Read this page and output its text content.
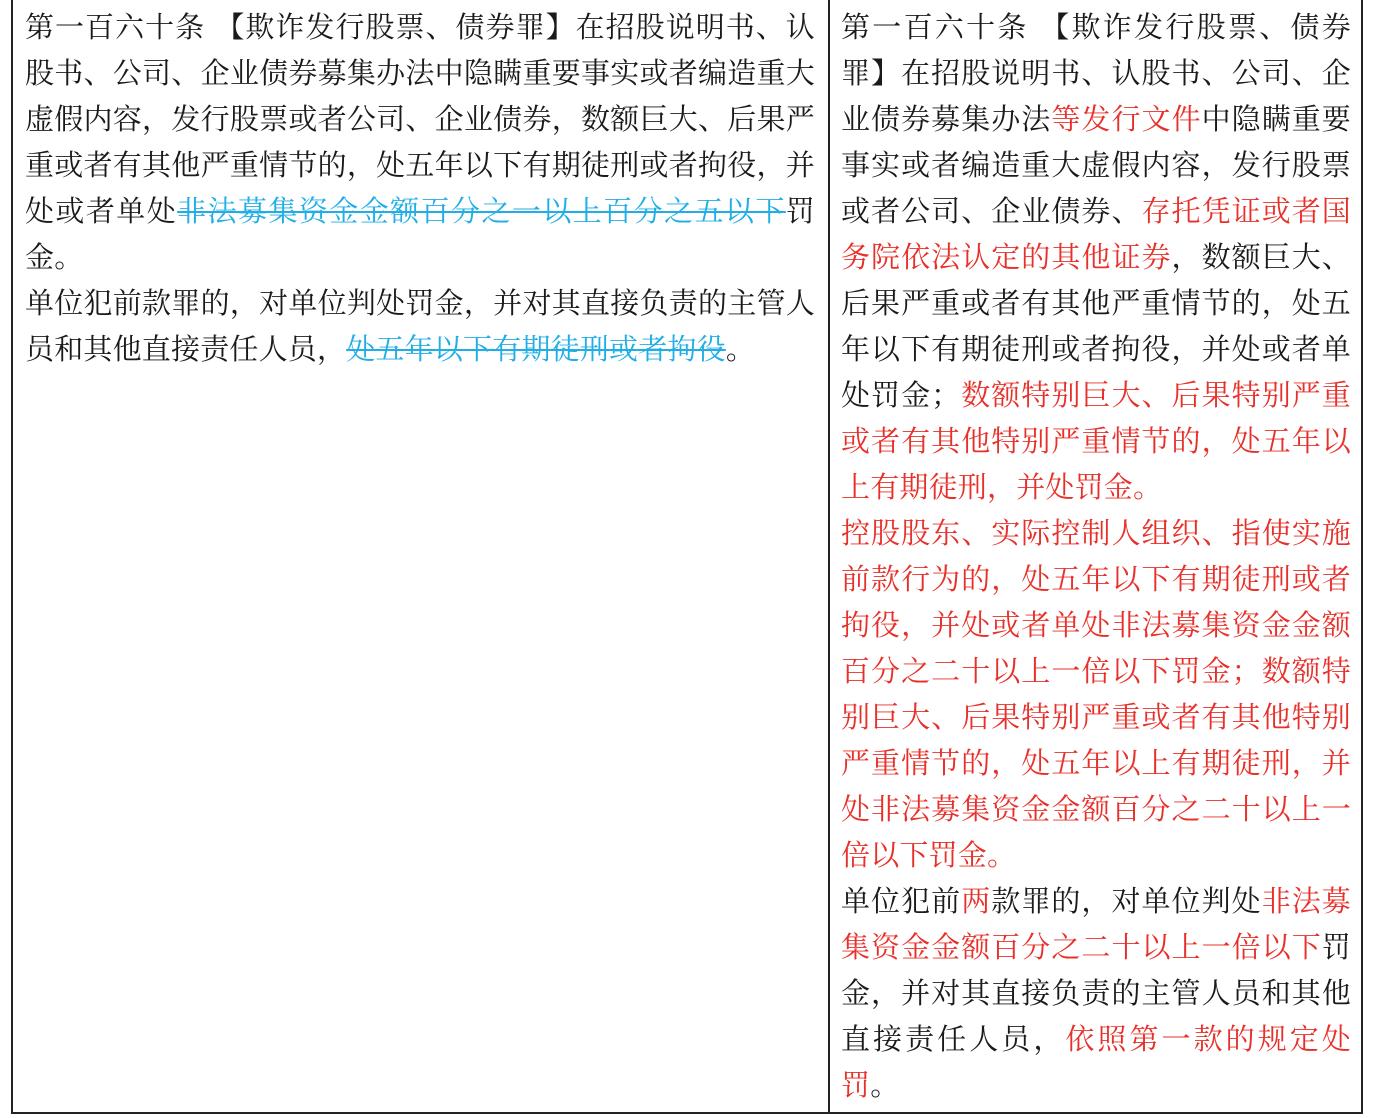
第一百六十条 【欺诈发行股票、债券罪】在招股说明书、认股书、公司、企业债券募集办法中隐瞒重要事实或者编造重大虚假内容，发行股票或者公司、企业债券，数额巨大、后果严重或者有其他严重情节的，处五年以下有期徒刑或者拘役，并处或者单处非法募集资金金额百分之一以上百分之五以下罚金。

单位犯前款罪的，对单位判处罚金，并对其直接负责的主管人员和其他直接责任人员，处五年以下有期徒刑或者拘役。

第一百六十条 【欺诈发行股票、债券罪】在招股说明书、认股书、公司、企业债券募集办法等发行文件中隐瞒重要事实或者编造重大虚假内容，发行股票或者公司、企业债券、存托凭证或者国务院依法认定的其他证券，数额巨大、后果严重或者有其他严重情节的，处五年以下有期徒刑或者拘役，并处或者单处罚金；数额特别巨大、后果特别严重或者有其他特别严重情节的，处五年以上有期徒刑，并处罚金。

控股股东、实际控制人组织、指使实施前款行为的，处五年以下有期徒刑或者拘役，并处或者单处非法募集资金金额百分之二十以上一倍以下罚金；数额特别巨大、后果特别严重或者有其他特别严重情节的，处五年以上有期徒刑，并处非法募集资金金额百分之二十以上一倍以下罚金。

单位犯前两款罪的，对单位判处非法募集资金金额百分之二十以上一倍以下罚金，并对其直接负责的主管人员和其他直接责任人员，依照第一款的规定处罚。
